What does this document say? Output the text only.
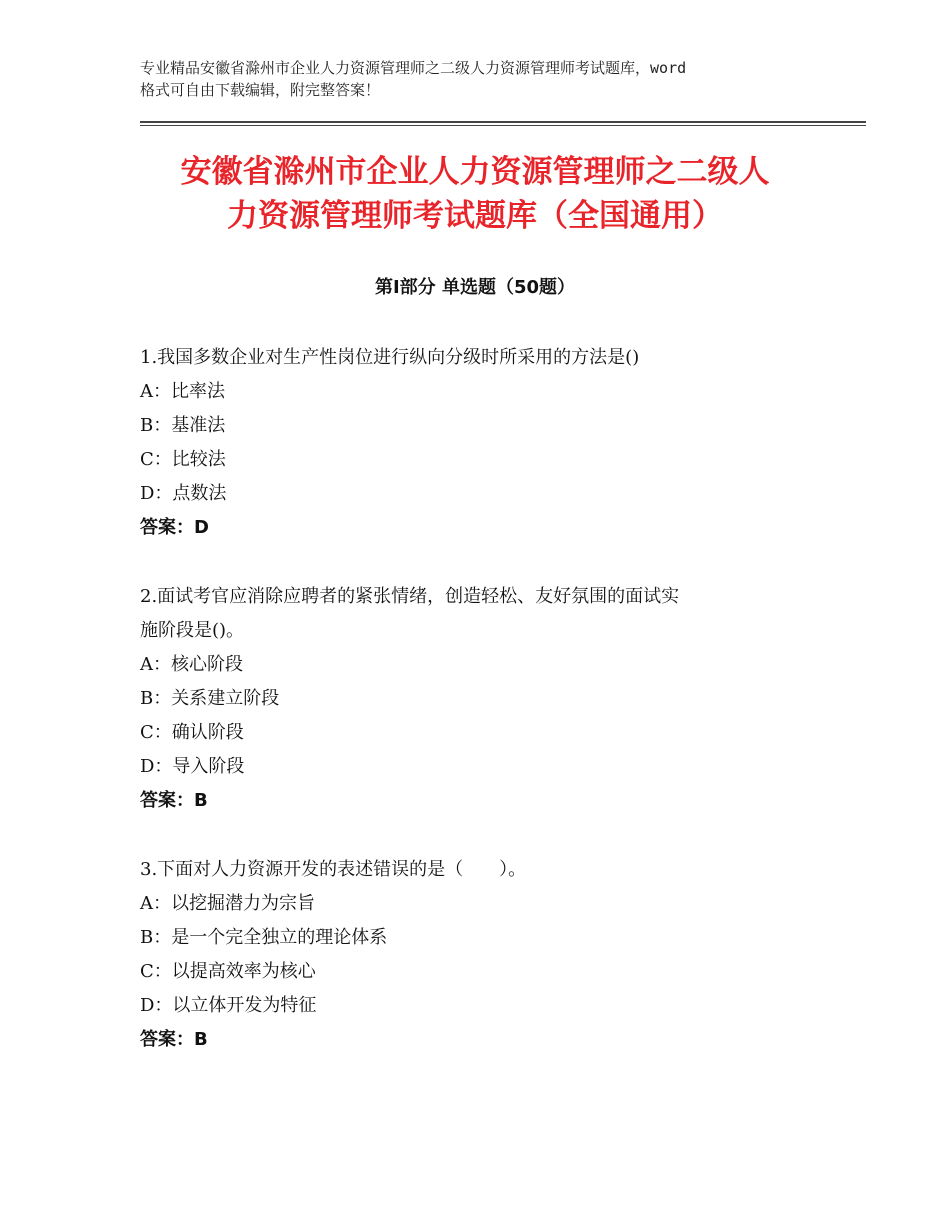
专业精品安徽省滁州市企业人力资源管理师之二级人力资源管理师考试题库，word
格式可自由下载编辑，附完整答案！
安徽省滁州市企业人力资源管理师之二级人
力资源管理师考试题库（全国通用）
第Ⅰ部分 单选题（50题）
1.我国多数企业对生产性岗位进行纵向分级时所采用的方法是()
A：比率法
B：基准法
C：比较法
D：点数法
答案：D
2.面试考官应消除应聘者的紧张情绪，创造轻松、友好氛围的面试实
施阶段是()。
A：核心阶段
B：关系建立阶段
C：确认阶段
D：导入阶段
答案：B
3.下面对人力资源开发的表述错误的是（　　）。
A：以挖掘潜力为宗旨
B：是一个完全独立的理论体系
C：以提高效率为核心
D：以立体开发为特征
答案：B
